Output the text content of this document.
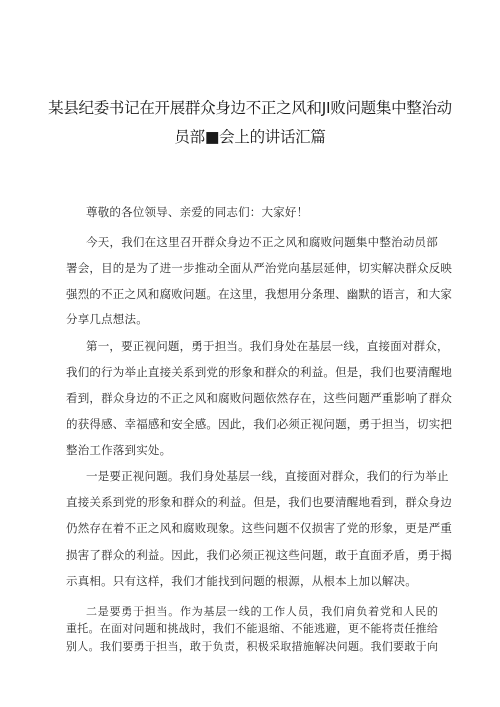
某县纪委书记在开展群众身边不正之风和JI败问题集中整治动
员部■会上的讲话汇篇
尊敬的各位领导、亲爱的同志们：大家好！
今天，我们在这里召开群众身边不正之风和腐败问题集中整治动员部
署会，目的是为了进一步推动全面从严治党向基层延伸，切实解决群众反映
强烈的不正之风和腐败问题。在这里，我想用分条理、幽默的语言，和大家
分享几点想法。
第一，要正视问题，勇于担当。我们身处在基层一线，直接面对群众，
我们的行为举止直接关系到党的形象和群众的利益。但是，我们也要清醒地
看到，群众身边的不正之风和腐败问题依然存在，这些问题严重影响了群众
的获得感、幸福感和安全感。因此，我们必须正视问题，勇于担当，切实把
整治工作落到实处。
一是要正视问题。我们身处基层一线，直接面对群众，我们的行为举止
直接关系到党的形象和群众的利益。但是，我们也要清醒地看到，群众身边
仍然存在着不正之风和腐败现象。这些问题不仅损害了党的形象，更是严重
损害了群众的利益。因此，我们必须正视这些问题，敢于直面矛盾，勇于揭
示真相。只有这样，我们才能找到问题的根源，从根本上加以解决。
二是要勇于担当。作为基层一线的工作人员，我们肩负着党和人民的
重托。在面对问题和挑战时，我们不能退缩、不能逃避，更不能将责任推给
别人。我们要勇于担当，敢于负责，积极采取措施解决问题。我们要敢于向
